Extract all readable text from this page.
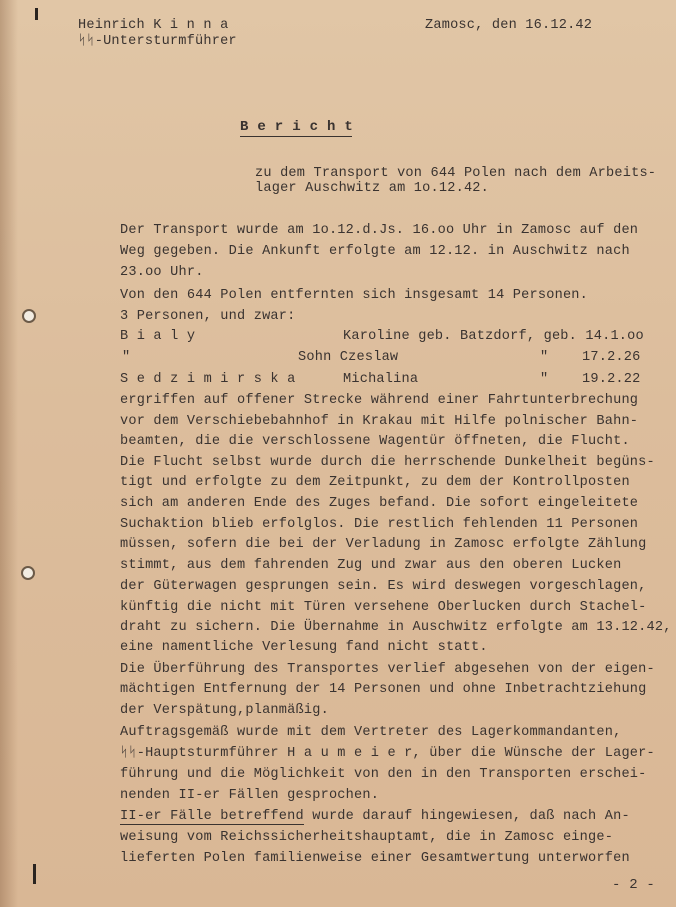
Heinrich K i n n a
ᛋᛋ-Untersturmführer
Zamosc, den 16.12.42
B e r i c h t
zu dem Transport von 644 Polen nach dem Arbeits-
lager Auschwitz am 1o.12.42.
Der Transport wurde am 1o.12.d.Js. 16.oo Uhr in Zamosc auf den
Weg gegeben. Die Ankunft erfolgte am 12.12. in Auschwitz nach
23.oo Uhr.
Von den 644 Polen entfernten sich insgesamt 14 Personen.
3 Personen, und zwar:
B i a l y	Karoline geb. Batzdorf, geb. 14.1.oo
"	Sohn Czeslaw	" 17.2.26
S e d z i m i r s k a	Michalina	" 19.2.22
ergriffen auf offener Strecke während einer Fahrtunterbrechung
vor dem Verschiebebahnhof in Krakau mit Hilfe polnischer Bahn-
beamten, die die verschlossene Wagentür öffneten, die Flucht.
Die Flucht selbst wurde durch die herrschende Dunkelheit begüns-
tigt und erfolgte zu dem Zeitpunkt, zu dem der Kontrollposten
sich am anderen Ende des Zuges befand. Die sofort eingeleitete
Suchaktion blieb erfolglos. Die restlich fehlenden 11 Personen
müssen, sofern die bei der Verladung in Zamosc erfolgte Zählung
stimmt, aus dem fahrenden Zug und zwar aus den oberen Lucken
der Güterwagen gesprungen sein. Es wird deswegen vorgeschlagen,
künftig die nicht mit Türen versehene Oberlucken durch Stachel-
draht zu sichern. Die Übernahme in Auschwitz erfolgte am 13.12.42,
eine namentliche Verlesung fand nicht statt.
Die Überführung des Transportes verlief abgesehen von der eigen-
mächtigen Entfernung der 14 Personen und ohne Inbetrachtziehung
der Verspätung,planmäßig.
Auftragsgemäß wurde mit dem Vertreter des Lagerkommandanten,
ᛋᛋ-Hauptsturmführer H a u m e i e r, über die Wünsche der Lager-
führung und die Möglichkeit von den in den Transporten erschei-
nenden II-er Fällen gesprochen.
II-er Fälle betreffend wurde darauf hingewiesen, daß nach An-
weisung vom Reichssicherheitshauptamt, die in Zamosc einge-
lieferten Polen familienweise einer Gesamtwertung unterworfen
- 2 -
